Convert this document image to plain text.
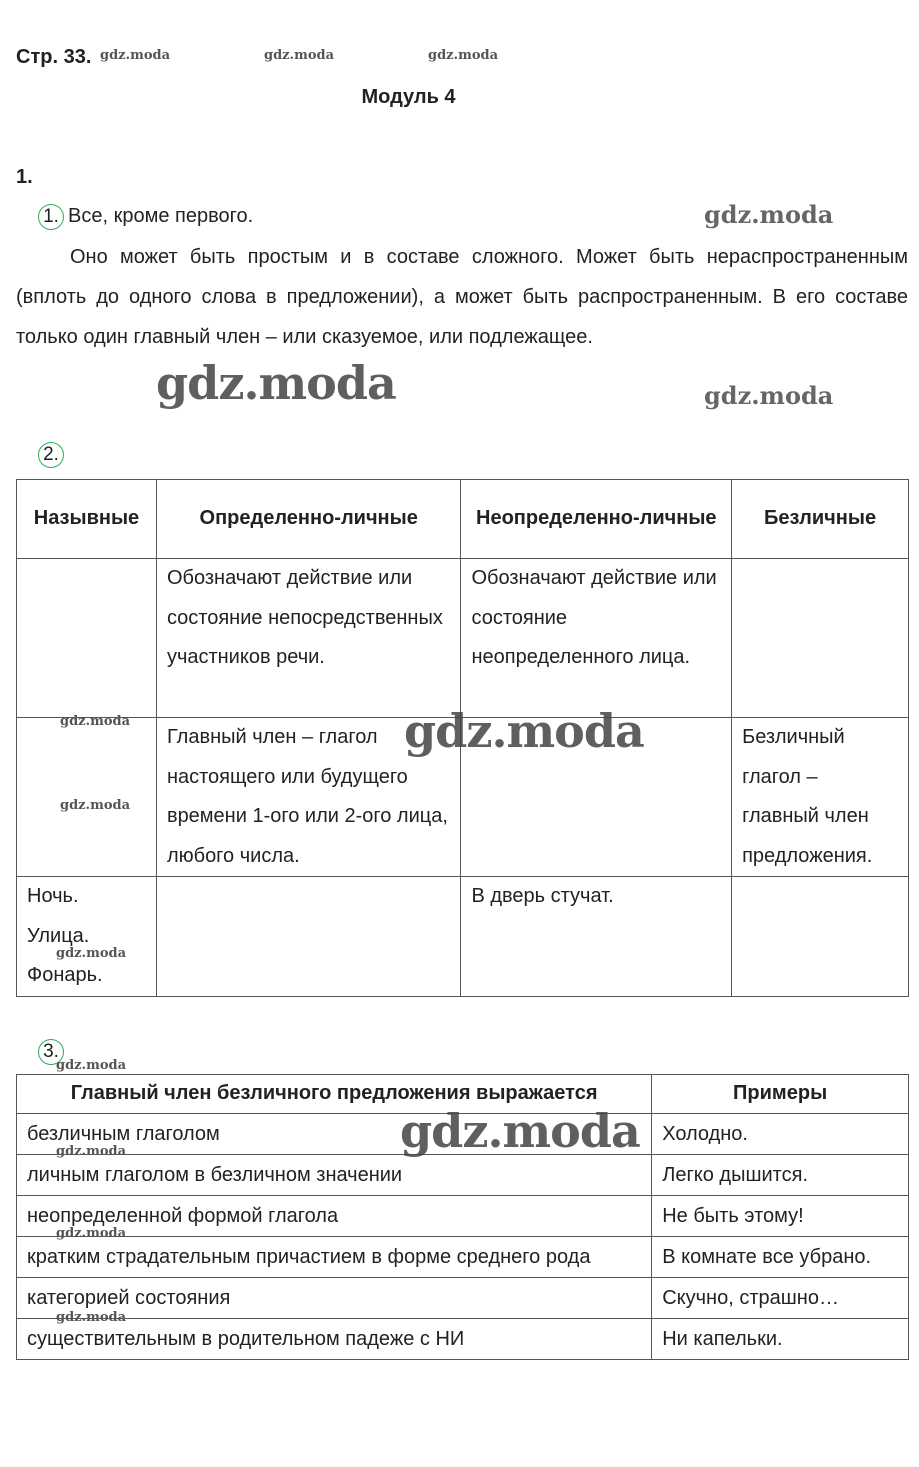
Стр. 33.
Модуль 4
1.
1. Все, кроме первого.

Оно может быть простым и в составе сложного. Может быть нераспространенным (вплоть до одного слова в предложении), а может быть распространенным. В его составе только один главный член – или сказуемое, или подлежащее.

2.
Назывные	Определенно-личные	Неопределенно-личные	Безличные
	Обозначают действие или состояние непосредственных участников речи.	Обозначают действие или состояние неопределенного лица.	
	Главный член – глагол настоящего или будущего времени 1-ого или 2-ого лица, любого числа.		Безличный глагол – главный член предложения.
Ночь. Улица. Фонарь.		В дверь стучат.	
3.
Главный член безличного предложения выражается	Примеры
безличным глаголом	Холодно.
личным глаголом в безличном значении	Легко дышится.
неопределенной формой глагола	Не быть этому!
кратким страдательным причастием в форме среднего рода	В комнате все убрано.
категорией состояния	Скучно, страшно…
существительным в родительном падеже с НИ	Ни капельки.
gdz.moda	gdz.moda	gdz.moda
gdz.moda
gdz.moda	gdz.moda
gdz.moda	gdz.moda
gdz.moda
gdz.moda
gdz.moda
gdz.moda
gdz.moda
gdz.moda
gdz.moda
